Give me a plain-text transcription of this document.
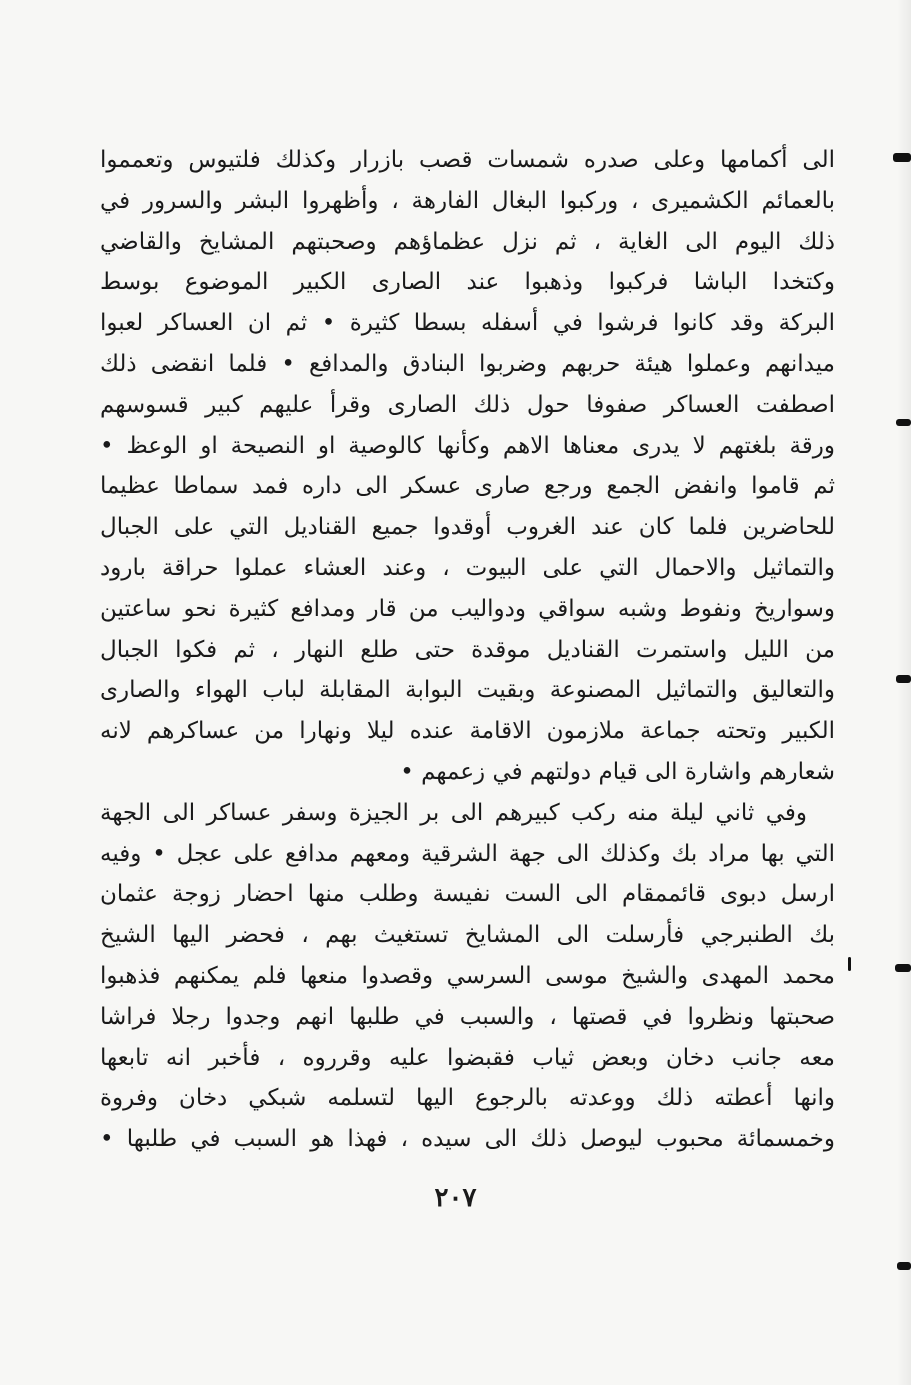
الى أكمامها وعلى صدره شمسات قصب بازرار وكذلك فلتيوس وتعمموا
بالعمائم الكشميرى ، وركبوا البغال الفارهة ، وأظهروا البشر والسرور في
ذلك اليوم الى الغاية ، ثم نزل عظماؤهم وصحبتهم المشايخ والقاضي
وكتخدا الباشا فركبوا وذهبوا عند الصارى الكبير الموضوع بوسط
البركة وقد كانوا فرشوا في أسفله بسطا كثيرة • ثم ان العساكر لعبوا
ميدانهم وعملوا هيئة حربهم وضربوا البنادق والمدافع • فلما انقضى ذلك
اصطفت العساكر صفوفا حول ذلك الصارى وقرأ عليهم كبير قسوسهم
ورقة بلغتهم لا يدرى معناها الاهم وكأنها كالوصية او النصيحة او الوعظ •
ثم قاموا وانفض الجمع ورجع صارى عسكر الى داره فمد سماطا عظيما
للحاضرين فلما كان عند الغروب أوقدوا جميع القناديل التي على الجبال
والتماثيل والاحمال التي على البيوت ، وعند العشاء عملوا حراقة بارود
وسواريخ ونفوط وشبه سواقي ودواليب من قار ومدافع كثيرة نحو ساعتين
من الليل واستمرت القناديل موقدة حتى طلع النهار ، ثم فكوا الجبال
والتعاليق والتماثيل المصنوعة وبقيت البوابة المقابلة لباب الهواء والصارى
الكبير وتحته جماعة ملازمون الاقامة عنده ليلا ونهارا من عساكرهم لانه
شعارهم واشارة الى قيام دولتهم في زعمهم •
وفي ثاني ليلة منه ركب كبيرهم الى بر الجيزة وسفر عساكر الى الجهة
التي بها مراد بك وكذلك الى جهة الشرقية ومعهم مدافع على عجل • وفيه
ارسل دبوى قائممقام الى الست نفيسة وطلب منها احضار زوجة عثمان
بك الطنبرجي فأرسلت الى المشايخ تستغيث بهم ، فحضر اليها الشيخ
محمد المهدى والشيخ موسى السرسي وقصدوا منعها فلم يمكنهم فذهبوا
صحبتها ونظروا في قصتها ، والسبب في طلبها انهم وجدوا رجلا فراشا
معه جانب دخان وبعض ثياب فقبضوا عليه وقرروه ، فأخبر انه تابعها
وانها أعطته ذلك ووعدته بالرجوع اليها لتسلمه شبكي دخان وفروة
وخمسمائة محبوب ليوصل ذلك الى سيده ، فهذا هو السبب في طلبها •
٢٠٧
